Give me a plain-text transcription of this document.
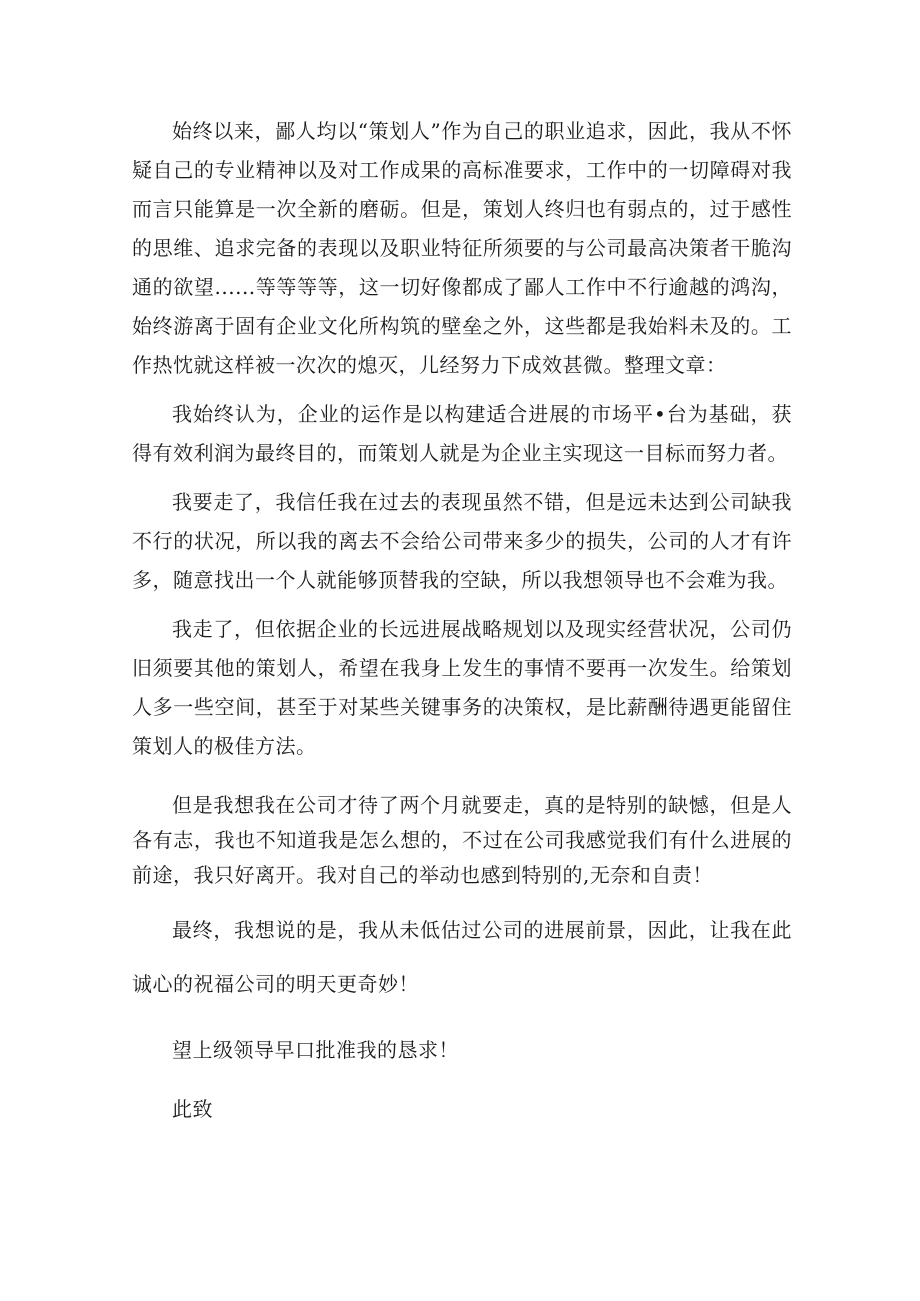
始终以来，鄙人均以“策划人”作为自己的职业追求，因此，我从不怀疑自己的专业精神以及对工作成果的高标准要求，工作中的一切障碍对我而言只能算是一次全新的磨砺。但是，策划人终归也有弱点的，过于感性的思维、追求完备的表现以及职业特征所须要的与公司最高决策者干脆沟通的欲望......等等等等，这一切好像都成了鄙人工作中不行逾越的鸿沟，始终游离于固有企业文化所构筑的壁垒之外，这些都是我始料未及的。工作热忱就这样被一次次的熄灭，儿经努力下成效甚微。整理文章：

我始终认为，企业的运作是以构建适合进展的市场平•台为基础，获得有效利润为最终目的，而策划人就是为企业主实现这一目标而努力者。

我要走了，我信任我在过去的表现虽然不错，但是远未达到公司缺我不行的状况，所以我的离去不会给公司带来多少的损失，公司的人才有许多，随意找出一个人就能够顶替我的空缺，所以我想领导也不会难为我。

我走了，但依据企业的长远进展战略规划以及现实经营状况，公司仍旧须要其他的策划人，希望在我身上发生的事情不要再一次发生。给策划人多一些空间，甚至于对某些关键事务的决策权，是比薪酬待遇更能留住策划人的极佳方法。

但是我想我在公司才待了两个月就要走，真的是特别的缺憾，但是人各有志，我也不知道我是怎么想的，不过在公司我感觉我们有什么进展的前途，我只好离开。我对自己的举动也感到特别的,无奈和自责！

最终，我想说的是，我从未低估过公司的进展前景，因此，让我在此诚心的祝福公司的明天更奇妙！

望上级领导早口批准我的恳求！

此致
